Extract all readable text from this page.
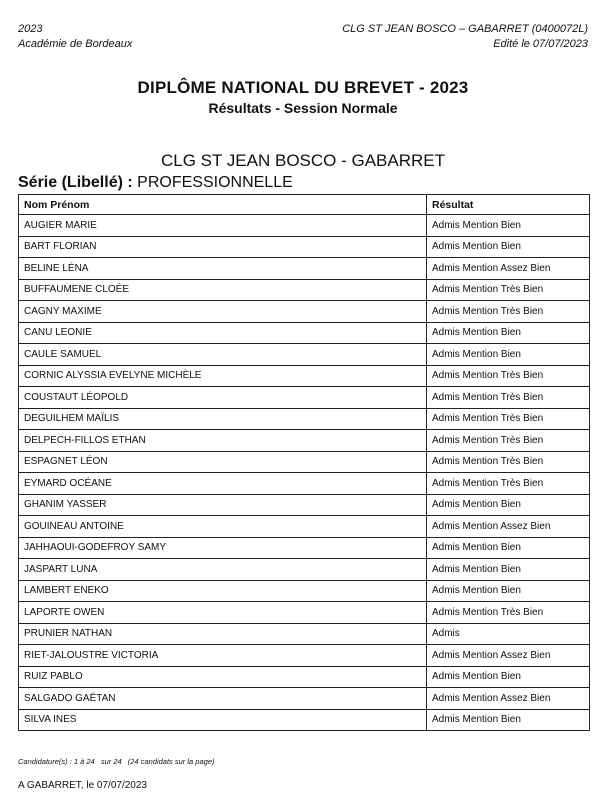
2023
Académie de Bordeaux
CLG ST JEAN BOSCO – GABARRET (0400072L)
Edité le 07/07/2023
DIPLÔME NATIONAL DU BREVET - 2023
Résultats - Session Normale
CLG ST JEAN BOSCO - GABARRET
Série (Libellé) : PROFESSIONNELLE
Nom Prénom	Résultat
AUGIER MARIE	Admis Mention Bien
BART FLORIAN	Admis Mention Bien
BELINE LÉNA	Admis Mention Assez Bien
BUFFAUMENE CLOÉE	Admis Mention Très Bien
CAGNY MAXIME	Admis Mention Très Bien
CANU LEONIE	Admis Mention Bien
CAULE SAMUEL	Admis Mention Bien
CORNIC ALYSSIA EVELYNE MICHÈLE	Admis Mention Très Bien
COUSTAUT LÉOPOLD	Admis Mention Très Bien
DEGUILHEM MAÏLIS	Admis Mention Très Bien
DELPECH-FILLOS ETHAN	Admis Mention Très Bien
ESPAGNET LÉON	Admis Mention Très Bien
EYMARD OCÉANE	Admis Mention Très Bien
GHANIM YASSER	Admis Mention Bien
GOUINEAU ANTOINE	Admis Mention Assez Bien
JAHHAOUI-GODEFROY SAMY	Admis Mention Bien
JASPART LUNA	Admis Mention Bien
LAMBERT ENEKO	Admis Mention Bien
LAPORTE OWEN	Admis Mention Très Bien
PRUNIER NATHAN	Admis
RIET-JALOUSTRE VICTORIA	Admis Mention Assez Bien
RUIZ PABLO	Admis Mention Bien
SALGADO GAËTAN	Admis Mention Assez Bien
SILVA INES	Admis Mention Bien
Candidature(s) : 1 à 24 sur 24 (24 candidats sur la page)
A GABARRET, le 07/07/2023
